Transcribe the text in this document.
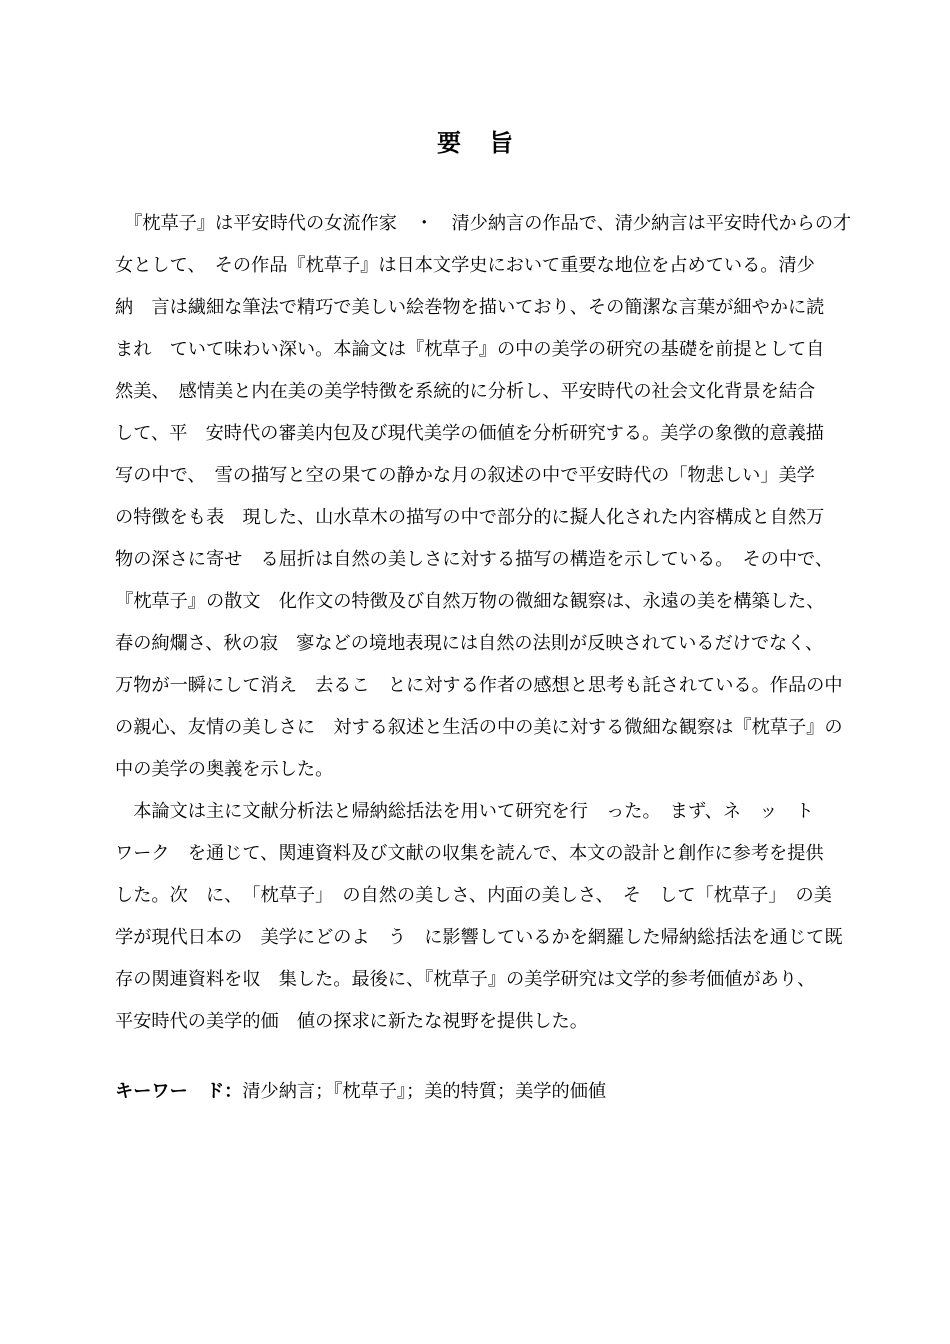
要 旨
　『枕草子』は平安時代の女流作家　・　清少納言の作品で、清少納言は平安時代からの才
女として、　その作品『枕草子』は日本文学史において重要な地位を占めている。清少
納　言は繊細な筆法で精巧で美しい絵巻物を描いており、その簡潔な言葉が細やかに読
まれ　ていて味わい深い。本論文は『枕草子』の中の美学の研究の基礎を前提として自
然美、　感情美と内在美の美学特徴を系統的に分析し、平安時代の社会文化背景を結合
して、平　安時代の審美内包及び現代美学の価値を分析研究する。美学の象徴的意義描
写の中で、　雪の描写と空の果ての静かな月の叙述の中で平安時代の「物悲しい」美学
の特徴をも表　現した、山水草木の描写の中で部分的に擬人化された内容構成と自然万
物の深さに寄せ　る屈折は自然の美しさに対する描写の構造を示している。　その中で、
『枕草子』の散文　化作文の特徴及び自然万物の微細な観察は、永遠の美を構築した、
春の絢爛さ、秋の寂　寥などの境地表現には自然の法則が反映されているだけでなく、
万物が一瞬にして消え　去るこ　とに対する作者の感想と思考も託されている。作品の中
の親心、友情の美しさに　対する叙述と生活の中の美に対する微細な観察は『枕草子』の
中の美学の奥義を示した。
　本論文は主に文献分析法と帰納総括法を用いて研究を行　った。　まず、ネ　ッ　ト
ワーク　を通じて、関連資料及び文献の収集を読んで、本文の設計と創作に参考を提供
した。次　に、　「枕草子」　の自然の美しさ、内面の美しさ、　そ　して「枕草子」　の美
学が現代日本の　美学にどのよ　う　に影響しているかを網羅した帰納総括法を通じて既
存の関連資料を収　集した。最後に、『枕草子』の美学研究は文学的参考価値があり、
平安時代の美学的価　値の探求に新たな視野を提供した。
キーワー　ド：清少納言；『枕草子』；美的特質；美学的価値
